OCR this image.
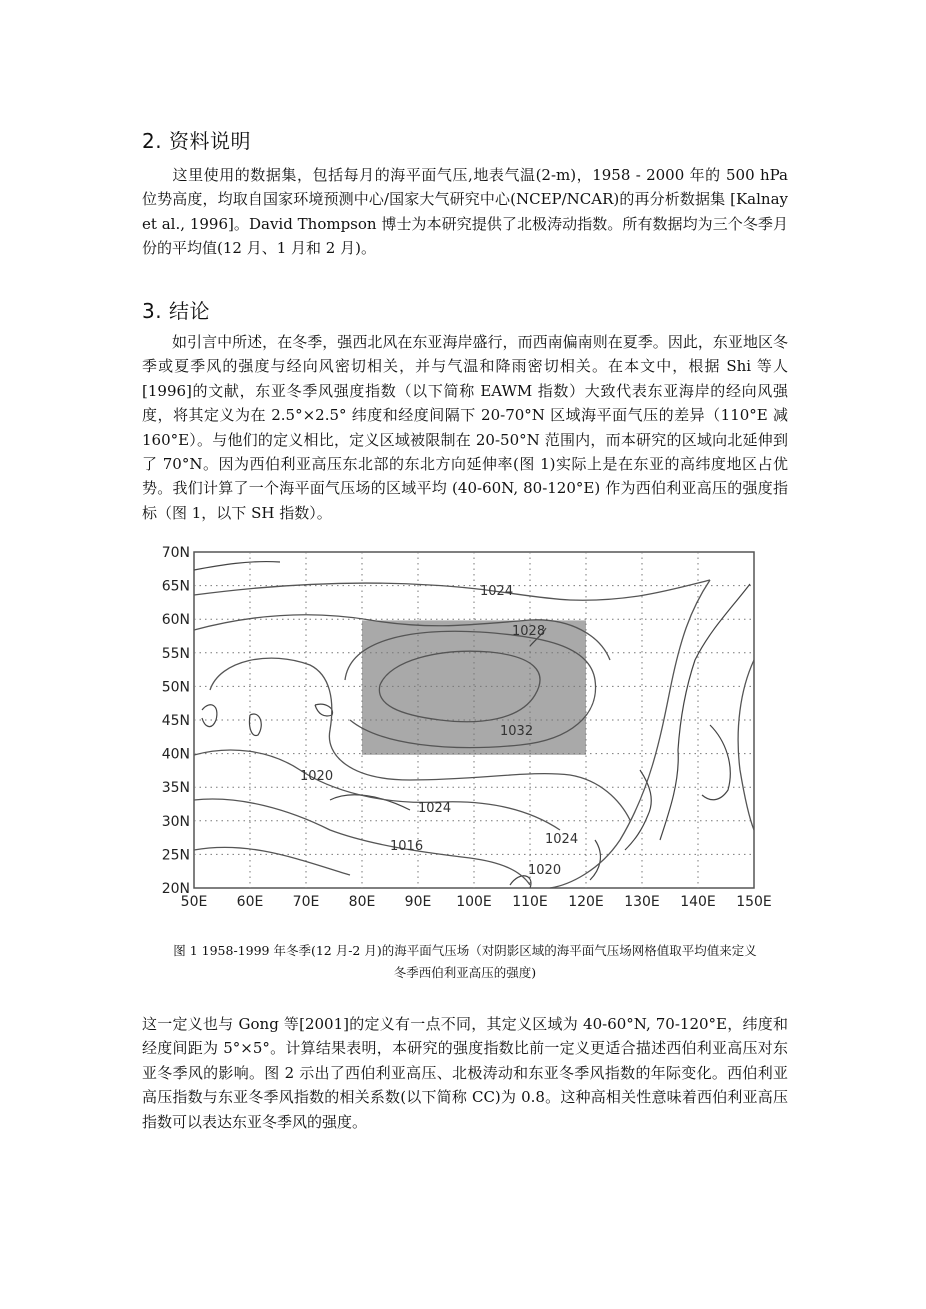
2. 资料说明

这里使用的数据集，包括每月的海平面气压,地表气温(2-m)，1958 - 2000 年的 500 hPa 位势高度，均取自国家环境预测中心/国家大气研究中心(NCEP/NCAR)的再分析数据集 [Kalnay et al., 1996]。David Thompson 博士为本研究提供了北极涛动指数。所有数据均为三个冬季月份的平均值(12 月、1 月和 2 月)。

3. 结论

如引言中所述，在冬季，强西北风在东亚海岸盛行，而西南偏南则在夏季。因此，东亚地区冬季或夏季风的强度与经向风密切相关，并与气温和降雨密切相关。在本文中，根据 Shi 等人[1996]的文献，东亚冬季风强度指数（以下简称 EAWM 指数）大致代表东亚海岸的经向风强度，将其定义为在 2.5°×2.5° 纬度和经度间隔下 20-70°N 区域海平面气压的差异（110°E 减 160°E）。与他们的定义相比，定义区域被限制在 20-50°N 范围内，而本研究的区域向北延伸到了 70°N。因为西伯利亚高压东北部的东北方向延伸率(图 1)实际上是在东亚的高纬度地区占优势。我们计算了一个海平面气压场的区域平均 (40-60N, 80-120°E) 作为西伯利亚高压的强度指标（图 1，以下 SH 指数）。

1024
1028
1032
1020
1024
1016	1024
1020
70N
65N
60N
55N
50N
45N
40N
35N
30N
25N
20N
50E 60E 70E 80E 90E 100E 110E 120E 130E 140E 150E

图 1 1958-1999 年冬季(12 月-2 月)的海平面气压场（对阴影区域的海平面气压场网格值取平均值来定义
冬季西伯利亚高压的强度)

这一定义也与 Gong 等[2001]的定义有一点不同，其定义区域为 40-60°N, 70-120°E，纬度和经度间距为 5°×5°。计算结果表明，本研究的强度指数比前一定义更适合描述西伯利亚高压对东亚冬季风的影响。图 2 示出了西伯利亚高压、北极涛动和东亚冬季风指数的年际变化。西伯利亚高压指数与东亚冬季风指数的相关系数(以下简称 CC)为 0.8。这种高相关性意味着西伯利亚高压指数可以表达东亚冬季风的强度。
